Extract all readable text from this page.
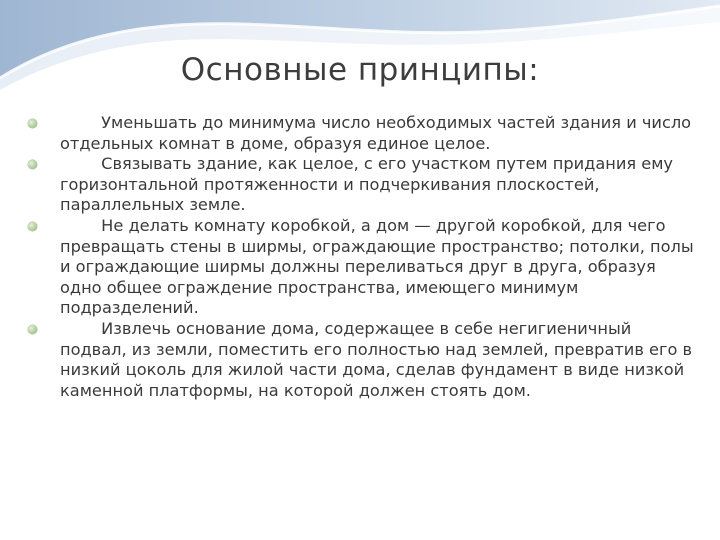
Основные принципы:
Уменьшать до минимума число необходимых частей здания и число отдельных комнат в доме, образуя единое целое.
Связывать здание, как целое, с его участком путем придания ему горизонтальной протяженности и подчеркивания плоскостей, параллельных земле.
Не делать комнату коробкой, а дом — другой коробкой, для чего превращать стены в ширмы, ограждающие пространство; потолки, полы и ограждающие ширмы должны переливаться друг в друга, образуя одно общее ограждение пространства, имеющего минимум подразделений.
Извлечь основание дома, содержащее в себе негигиеничный подвал, из земли, поместить его полностью над землей, превратив его в низкий цоколь для жилой части дома, сделав фундамент в виде низкой каменной платформы, на которой должен стоять дом.
